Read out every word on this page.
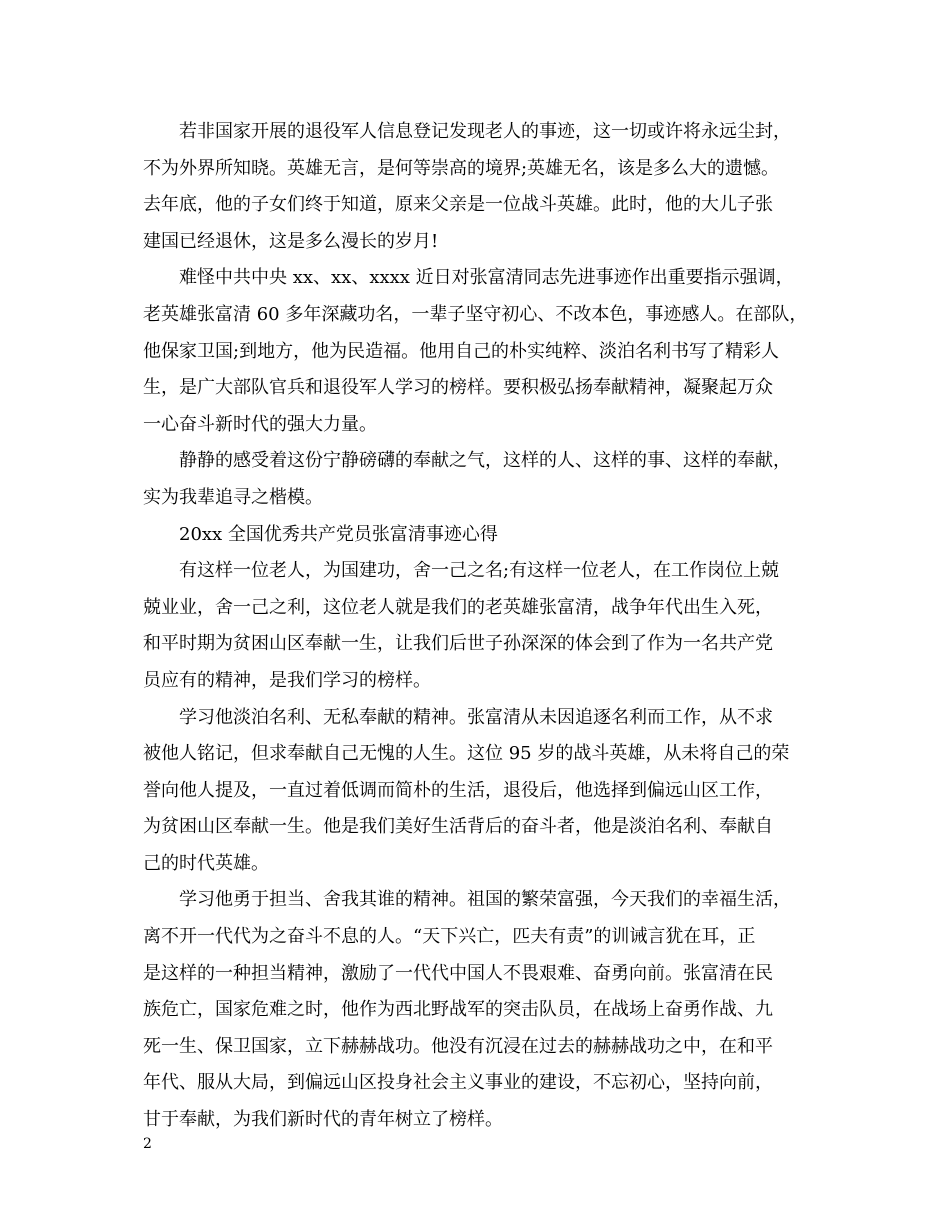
若非国家开展的退役军人信息登记发现老人的事迹，这一切或许将永远尘封，
不为外界所知晓。英雄无言，是何等崇高的境界;英雄无名，该是多么大的遗憾。
去年底，他的子女们终于知道，原来父亲是一位战斗英雄。此时，他的大儿子张
建国已经退休，这是多么漫长的岁月!
难怪中共中央 xx、xx、xxxx 近日对张富清同志先进事迹作出重要指示强调，
老英雄张富清 60 多年深藏功名，一辈子坚守初心、不改本色，事迹感人。在部队，
他保家卫国;到地方，他为民造福。他用自己的朴实纯粹、淡泊名利书写了精彩人
生，是广大部队官兵和退役军人学习的榜样。要积极弘扬奉献精神，凝聚起万众
一心奋斗新时代的强大力量。
静静的感受着这份宁静磅礴的奉献之气，这样的人、这样的事、这样的奉献，
实为我辈追寻之楷模。
20xx 全国优秀共产党员张富清事迹心得
有这样一位老人，为国建功，舍一己之名;有这样一位老人，在工作岗位上兢
兢业业，舍一己之利，这位老人就是我们的老英雄张富清，战争年代出生入死，
和平时期为贫困山区奉献一生，让我们后世子孙深深的体会到了作为一名共产党
员应有的精神，是我们学习的榜样。
学习他淡泊名利、无私奉献的精神。张富清从未因追逐名利而工作，从不求
被他人铭记，但求奉献自己无愧的人生。这位 95 岁的战斗英雄，从未将自己的荣
誉向他人提及，一直过着低调而简朴的生活，退役后，他选择到偏远山区工作，
为贫困山区奉献一生。他是我们美好生活背后的奋斗者，他是淡泊名利、奉献自
己的时代英雄。
学习他勇于担当、舍我其谁的精神。祖国的繁荣富强，今天我们的幸福生活，
离不开一代代为之奋斗不息的人。“天下兴亡，匹夫有责”的训诫言犹在耳，正
是这样的一种担当精神，激励了一代代中国人不畏艰难、奋勇向前。张富清在民
族危亡，国家危难之时，他作为西北野战军的突击队员，在战场上奋勇作战、九
死一生、保卫国家，立下赫赫战功。他没有沉浸在过去的赫赫战功之中，在和平
年代、服从大局，到偏远山区投身社会主义事业的建设，不忘初心，坚持向前，
甘于奉献，为我们新时代的青年树立了榜样。
2
